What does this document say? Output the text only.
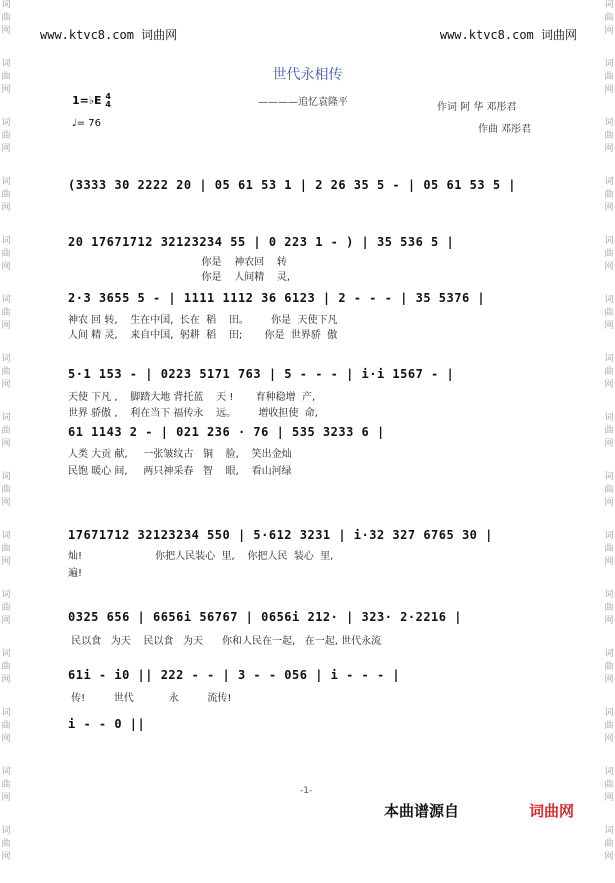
词
曲
网
词
曲
网
词
曲
网
词
曲
网
词
曲
网
词
曲
网
词
曲
网
词
曲
网
词
曲
网
词
曲
网
词
曲
网
词
曲
网
词
曲
网
词
曲
网
词
曲
网
词
曲
网
词
曲
网
词
曲
网
词
曲
网
词
曲
网
词
曲
网
词
曲
网
词
曲
网
词
曲
网
词
曲
网
词
曲
网
词
曲
网
词
曲
网
词
曲
网
词
曲
网
www.ktvc8.com 词曲网	www.ktvc8.com 词曲网
世代永相传
————追忆袁隆平
1=♭E 4
4
♩= 76
作词 阿 华 邓彤君
作曲 邓彤君
(3333 30 2222 20 | 05 61 53 1 | 2 26 35 5 - | 05 61 53 5 |
20 17671712 32123234 55 | 0 223 1 - ) | 35 536 5 |
你是    神农回    转
你是    人间精    灵,
2·3 3655 5 - | 1111 1112 36 6123 | 2 - - - | 35 5376 |
神农 回 转,    生在中国,  长在  稻    田。       你是  天使下凡
人间 精 灵,    来自中国,  躬耕  稻    田;       你是  世界骄  傲
5·1 153 - | 0223 5171 763 | 5 - - - | i·i 1567 - |
天使 下凡 ,    脚踏大地 背托蓝    天 !       育种稳增  产,
世界 骄傲 ,    利在当下 福传永    远。       增收担使  命,
61 1143 2 - | 021 236 · 76 | 535 3233 6 |
人类 大贡 献,     一张皱纹古   铜    脸,    笑出金灿
民饱 暖心 间,     两只神采春   智    眼,    看山河绿
17671712 32123234 550 | 5·612 3231 | i·32 327 6765 30 |
灿!                       你把人民装心  里,    你把人民  装心  里,
遍!
0325 656 | 6656i 56767 | 0656i 212· | 323· 2·2216 |
民以食   为天    民以食   为天      你和人民在一起,   在一起, 世代永流
61i - i0 || 222 - - | 3 - - 056 | i - - - |
传!         世代           永         流传!
i - - 0 ||
-1-
本曲谱源自	词曲网
